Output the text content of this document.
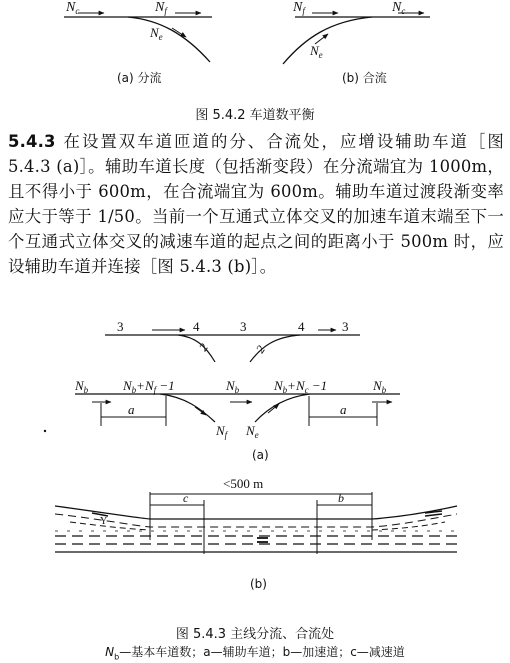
$N_c$	$N_f$
$N_e$
$N_f$	$N_c$
$N_e$
(a) 分流	(b) 合流
图 5.4.2 车道数平衡
5.4.3 在设置双车道匝道的分、合流处，应增设辅助车道［图 5.4.3 (a)］。辅助车道长度（包括渐变段）在分流端宜为 1000m，且不得小于 600m，在合流端宜为 600m。辅助车道过渡段渐变率应大于等于 1/50。当前一个互通式立体交叉的加速车道末端至下一个互通式立体交叉的减速车道的起点之间的距离小于 500m 时，应设辅助车道并连接［图 5.4.3 (b)］。
3	4	3	4	3
2	2
$N_b$	$N_b+N_f -1$	$N_b$	$N_b+N_c -1$	$N_b$
a	a
$N_f$ $N_e$
(a)
<500 m
c	b
Y
(b)
图 5.4.3 主线分流、合流处
$N_b—$基本车道数；a—辅助车道；b—加速道；c—减速道
